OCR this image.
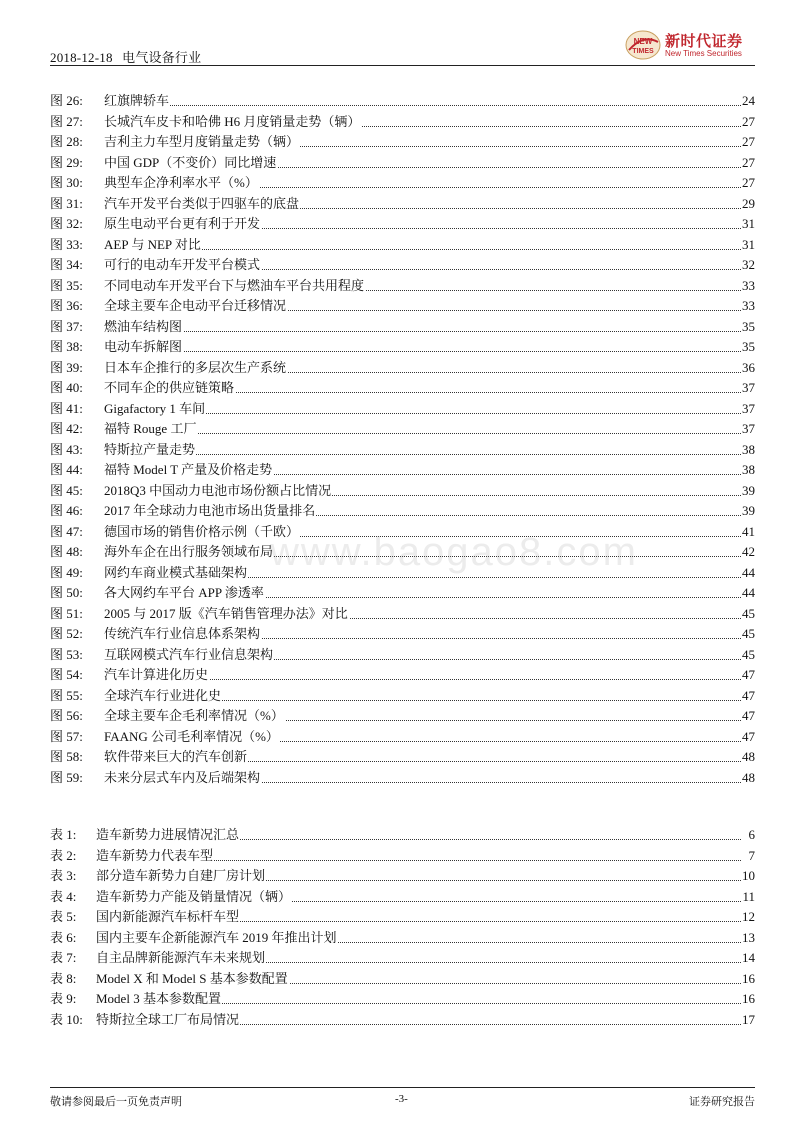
2018-12-18 电气设备行业
NEW
TIMES
新时代证券
New Times Securities
图 26: 红旗牌轿车	24
图 27: 长城汽车皮卡和哈佛 H6 月度销量走势（辆）	27
图 28: 吉利主力车型月度销量走势（辆）	27
图 29: 中国 GDP（不变价）同比增速	27
图 30: 典型车企净利率水平（%）	27
图 31: 汽车开发平台类似于四驱车的底盘	29
图 32: 原生电动平台更有利于开发	31
图 33: AEP 与 NEP 对比	31
图 34: 可行的电动车开发平台模式	32
图 35: 不同电动车开发平台下与燃油车平台共用程度	33
图 36: 全球主要车企电动平台迁移情况	33
图 37: 燃油车结构图	35
图 38: 电动车拆解图	35
图 39: 日本车企推行的多层次生产系统	36
图 40: 不同车企的供应链策略	37
图 41: Gigafactory 1 车间	37
图 42: 福特 Rouge 工厂	37
图 43: 特斯拉产量走势	38
图 44: 福特 Model T 产量及价格走势	38
图 45: 2018Q3 中国动力电池市场份额占比情况	39
图 46: 2017 年全球动力电池市场出货量排名	39
图 47: 德国市场的销售价格示例（千欧）	41
图 48: 海外车企在出行服务领域布局	42
图 49: 网约车商业模式基础架构	44
图 50: 各大网约车平台 APP 渗透率	44
图 51: 2005 与 2017 版《汽车销售管理办法》对比	45
图 52: 传统汽车行业信息体系架构	45
图 53: 互联网模式汽车行业信息架构	45
图 54: 汽车计算进化历史	47
图 55: 全球汽车行业进化史	47
图 56: 全球主要车企毛利率情况（%）	47
图 57: FAANG 公司毛利率情况（%）	47
图 58: 软件带来巨大的汽车创新	48
图 59: 未来分层式车内及后端架构	48
表 1: 造车新势力进展情况汇总	6
表 2: 造车新势力代表车型	7
表 3: 部分造车新势力自建厂房计划	10
表 4: 造车新势力产能及销量情况（辆）	11
表 5: 国内新能源汽车标杆车型	12
表 6: 国内主要车企新能源汽车 2019 年推出计划	13
表 7: 自主品牌新能源汽车未来规划	14
表 8: Model X 和 Model S 基本参数配置	16
表 9: Model 3 基本参数配置	16
表 10: 特斯拉全球工厂布局情况	17
www.baogao8.com
敬请参阅最后一页免责声明	-3-	证券研究报告
